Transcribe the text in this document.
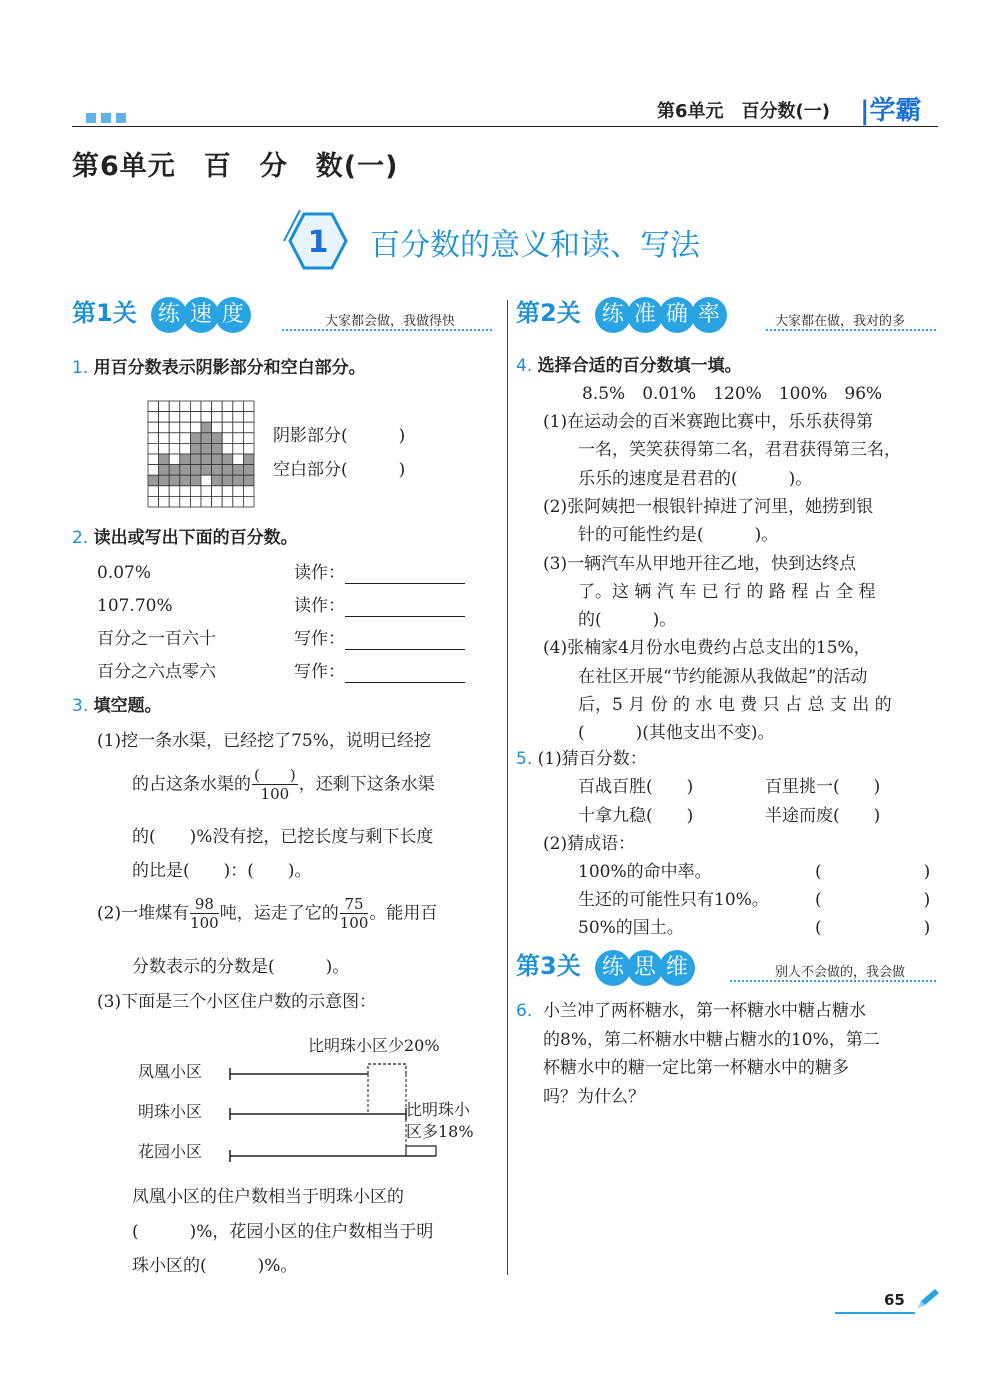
第6单元　 百分数(一) |学霸
第6单元　百　分　数(一)
1 百分数的意义和读、写法
第1关 练 速 度	大家都会做，我做得快	第2关 练 准 确 率	大家都在做，我对的多
1. 用百分数表示阴影部分和空白部分。
阴影部分(　　　)
空白部分(　　　)
2. 读出或写出下面的百分数。
0.07%	读作：
107.70%	读作：
百分之一百六十	写作：
百分之六点零六	写作：
3. 填空题。
(1)挖一条水渠，已经挖了75%，说明已经挖
的占这条水渠的 $\frac{( )}{100}$ ，还剩下这条水渠
的(　　)%没有挖，已挖长度与剩下长度
的比是(　　)：(　　)。
(2)一堆煤有 $\frac{98}{100}$ 吨，运走了它的 $\frac{75}{100}$ 。能用百
分数表示的分数是(　　　)。
(3)下面是三个小区住户数的示意图：
比明珠小区少20%
凤凰小区
明珠小区
花园小区
比明珠小
区多18%
凤凰小区的住户数相当于明珠小区的
(　　　)%，花园小区的住户数相当于明
珠小区的(　　　)%。
4. 选择合适的百分数填一填。
8.5%　0.01%　120%　100%　96%
(1)在运动会的百米赛跑比赛中，乐乐获得第
一名，笑笑获得第二名，君君获得第三名，
乐乐的速度是君君的(　　　)。
(2)张阿姨把一根银针掉进了河里，她捞到银
针的可能性约是(　　　)。
(3)一辆汽车从甲地开往乙地，快到达终点
了。这 辆 汽 车 已 行 的 路 程 占 全 程
的(　　　)。
(4)张楠家4月份水电费约占总支出的15%，
在社区开展“节约能源从我做起”的活动
后，5 月 份 的 水 电 费 只 占 总 支 出 的
(　　　)(其他支出不变)。
5. (1)猜百分数：
百战百胜(　　)	百里挑一(　　)
十拿九稳(　　)	半途而废(　　)
(2)猜成语：
100%的命中率。	(　　　　　　)
生还的可能性只有10%。	(　　　　　　)
50%的国土。	(　　　　　　)
第3关 练 思 维	别人不会做的，我会做
6. 小兰冲了两杯糖水，第一杯糖水中糖占糖水
的8%，第二杯糖水中糖占糖水的10%，第二
杯糖水中的糖一定比第一杯糖水中的糖多
吗？为什么？
65
